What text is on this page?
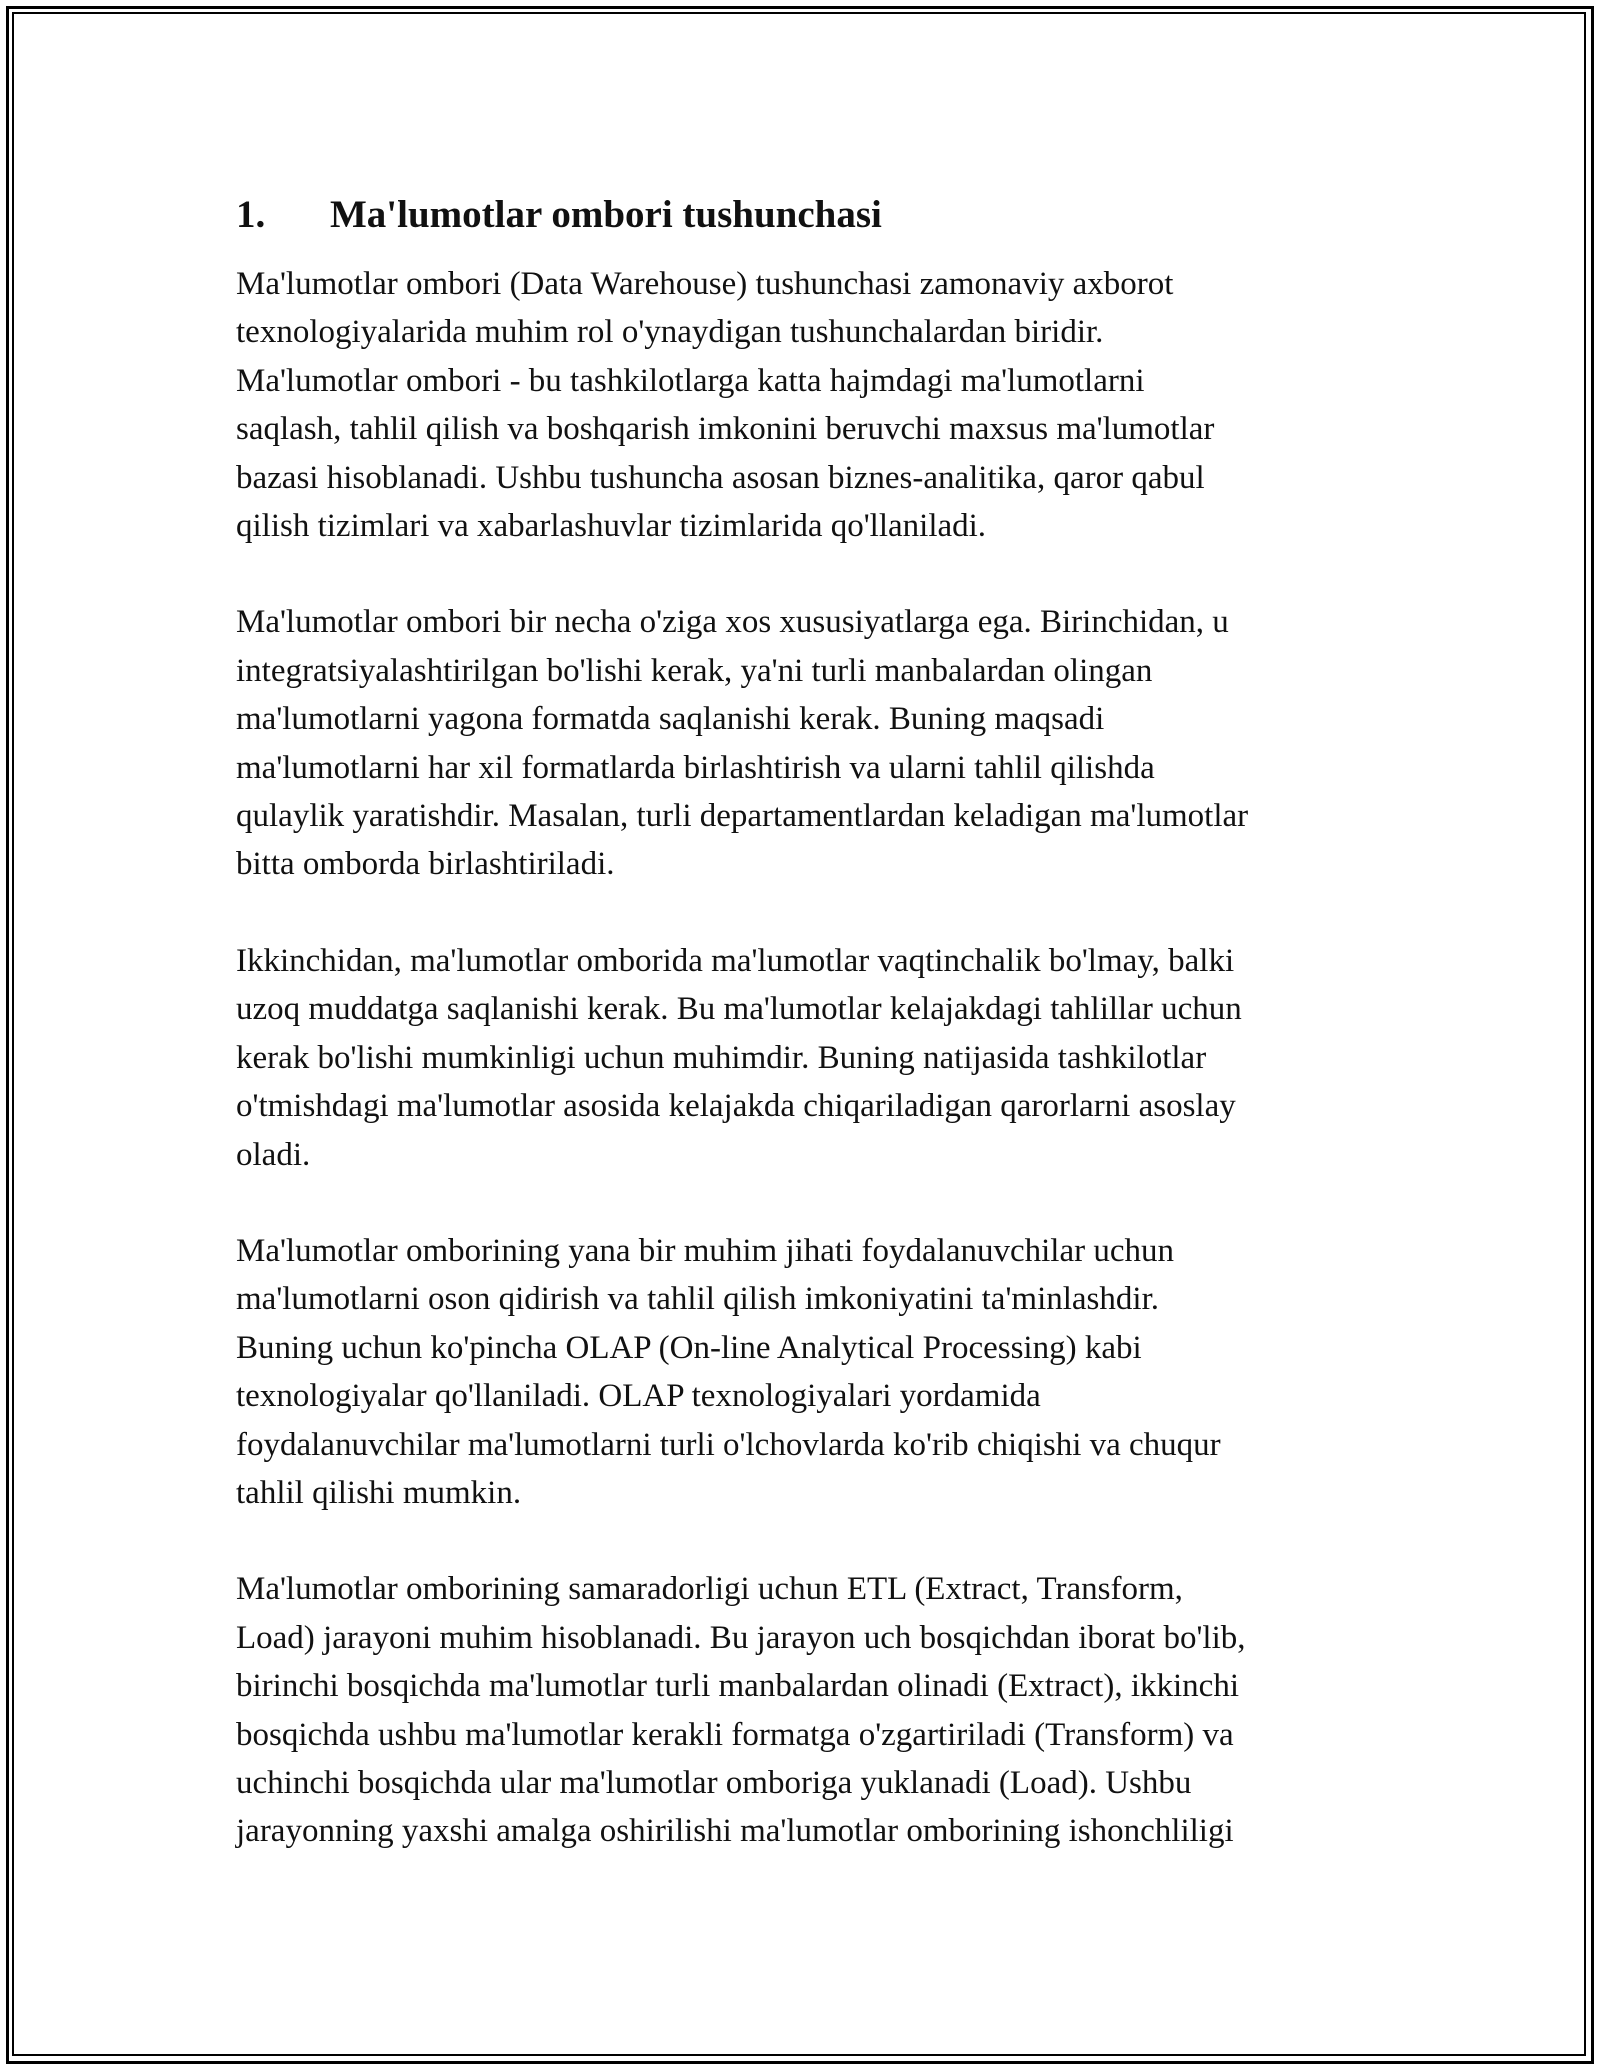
1.	Ma'lumotlar ombori tushunchasi
Ma'lumotlar ombori (Data Warehouse) tushunchasi zamonaviy axborot
texnologiyalarida muhim rol o'ynaydigan tushunchalardan biridir.
Ma'lumotlar ombori - bu tashkilotlarga katta hajmdagi ma'lumotlarni
saqlash, tahlil qilish va boshqarish imkonini beruvchi maxsus ma'lumotlar
bazasi hisoblanadi. Ushbu tushuncha asosan biznes-analitika, qaror qabul
qilish tizimlari va xabarlashuvlar tizimlarida qo'llaniladi.
Ma'lumotlar ombori bir necha o'ziga xos xususiyatlarga ega. Birinchidan, u
integratsiyalashtirilgan bo'lishi kerak, ya'ni turli manbalardan olingan
ma'lumotlarni yagona formatda saqlanishi kerak. Buning maqsadi
ma'lumotlarni har xil formatlarda birlashtirish va ularni tahlil qilishda
qulaylik yaratishdir. Masalan, turli departamentlardan keladigan ma'lumotlar
bitta omborda birlashtiriladi.
Ikkinchidan, ma'lumotlar omborida ma'lumotlar vaqtinchalik bo'lmay, balki
uzoq muddatga saqlanishi kerak. Bu ma'lumotlar kelajakdagi tahlillar uchun
kerak bo'lishi mumkinligi uchun muhimdir. Buning natijasida tashkilotlar
o'tmishdagi ma'lumotlar asosida kelajakda chiqariladigan qarorlarni asoslay
oladi.
Ma'lumotlar omborining yana bir muhim jihati foydalanuvchilar uchun
ma'lumotlarni oson qidirish va tahlil qilish imkoniyatini ta'minlashdir.
Buning uchun ko'pincha OLAP (On-line Analytical Processing) kabi
texnologiyalar qo'llaniladi. OLAP texnologiyalari yordamida
foydalanuvchilar ma'lumotlarni turli o'lchovlarda ko'rib chiqishi va chuqur
tahlil qilishi mumkin.
Ma'lumotlar omborining samaradorligi uchun ETL (Extract, Transform,
Load) jarayoni muhim hisoblanadi. Bu jarayon uch bosqichdan iborat bo'lib,
birinchi bosqichda ma'lumotlar turli manbalardan olinadi (Extract), ikkinchi
bosqichda ushbu ma'lumotlar kerakli formatga o'zgartiriladi (Transform) va
uchinchi bosqichda ular ma'lumotlar omboriga yuklanadi (Load). Ushbu
jarayonning yaxshi amalga oshirilishi ma'lumotlar omborining ishonchliligi
